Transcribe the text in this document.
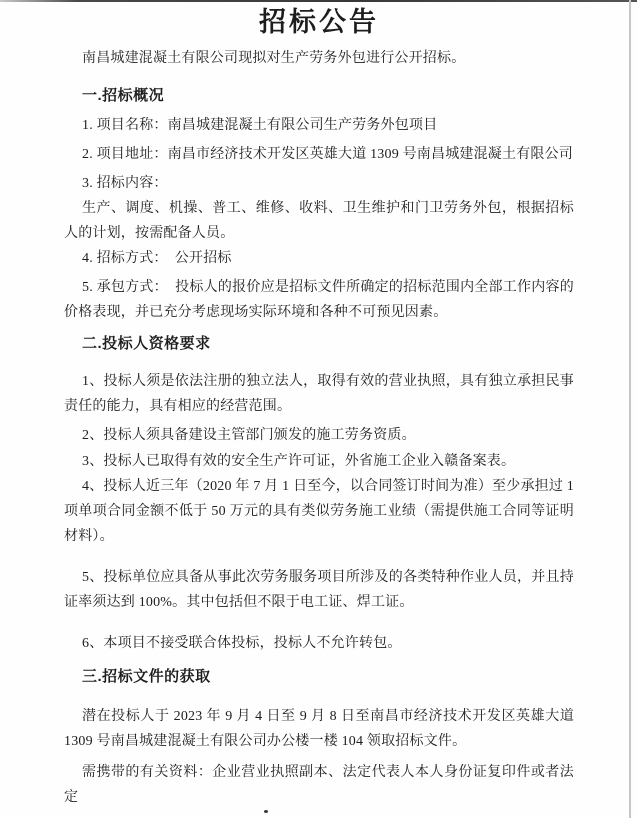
招标公告

南昌城建混凝土有限公司现拟对生产劳务外包进行公开招标。

一.招标概况

1. 项目名称：南昌城建混凝土有限公司生产劳务外包项目

2. 项目地址：南昌市经济技术开发区英雄大道 1309 号南昌城建混凝土有限公司

3. 招标内容：

生产、调度、机操、普工、维修、收料、卫生维护和门卫劳务外包，根据招标人的计划，按需配备人员。

4. 招标方式：　公开招标

5. 承包方式：　投标人的报价应是招标文件所确定的招标范围内全部工作内容的价格表现，并已充分考虑现场实际环境和各种不可预见因素。

二.投标人资格要求

1、投标人须是依法注册的独立法人，取得有效的营业执照，具有独立承担民事责任的能力，具有相应的经营范围。

2、投标人须具备建设主管部门颁发的施工劳务资质。

3、投标人已取得有效的安全生产许可证，外省施工企业入赣备案表。

4、投标人近三年（2020 年 7 月 1 日至今，以合同签订时间为准）至少承担过 1 项单项合同金额不低于 50 万元的具有类似劳务施工业绩（需提供施工合同等证明材料）。

5、投标单位应具备从事此次劳务服务项目所涉及的各类特种作业人员，并且持证率须达到 100%。其中包括但不限于电工证、焊工证。

6、本项目不接受联合体投标，投标人不允许转包。

三.招标文件的获取

潜在投标人于 2023 年 9 月 4 日至 9 月 8 日至南昌市经济技术开发区英雄大道 1309 号南昌城建混凝土有限公司办公楼一楼 104 领取招标文件。

需携带的有关资料：企业营业执照副本、法定代表人本人身份证复印件或者法定
